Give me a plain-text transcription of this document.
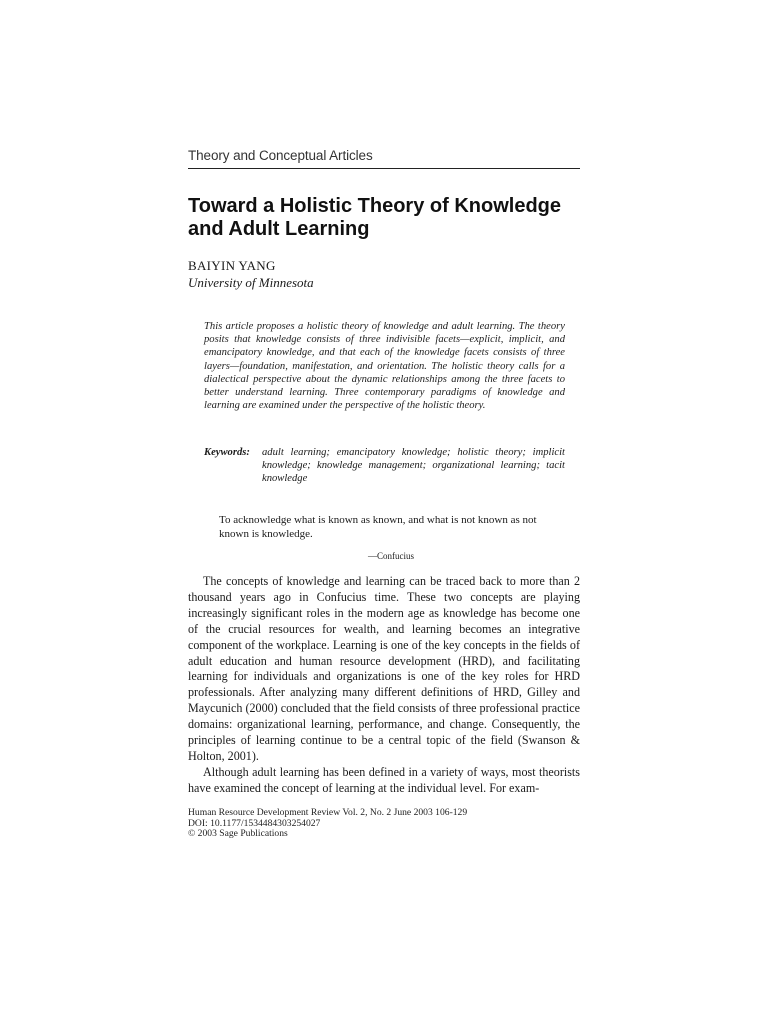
Theory and Conceptual Articles
Toward a Holistic Theory of Knowledge and Adult Learning
BAIYIN YANG
University of Minnesota
This article proposes a holistic theory of knowledge and adult learning. The theory posits that knowledge consists of three indivisible facets—explicit, implicit, and emancipatory knowledge, and that each of the knowledge facets consists of three layers—foundation, manifestation, and orientation. The holistic theory calls for a dialectical perspective about the dynamic relationships among the three facets to better understand learning. Three contemporary paradigms of knowledge and learning are examined under the perspective of the holistic theory.
Keywords:	adult learning; emancipatory knowledge; holistic theory; implicit knowledge; knowledge management; organizational learning; tacit knowledge
To acknowledge what is known as known, and what is not known as not known is knowledge.
—Confucius

The concepts of knowledge and learning can be traced back to more than 2 thousand years ago in Confucius time. These two concepts are playing increasingly significant roles in the modern age as knowledge has become one of the crucial resources for wealth, and learning becomes an integrative component of the workplace. Learning is one of the key concepts in the fields of adult education and human resource development (HRD), and facilitating learning for individuals and organizations is one of the key roles for HRD professionals. After analyzing many different definitions of HRD, Gilley and Maycunich (2000) concluded that the field consists of three professional practice domains: organizational learning, performance, and change. Consequently, the principles of learning continue to be a central topic of the field (Swanson & Holton, 2001).

Although adult learning has been defined in a variety of ways, most theorists have examined the concept of learning at the individual level. For exam-

Human Resource Development Review Vol. 2, No. 2 June 2003 106-129
DOI: 10.1177/1534484303254027
© 2003 Sage Publications
